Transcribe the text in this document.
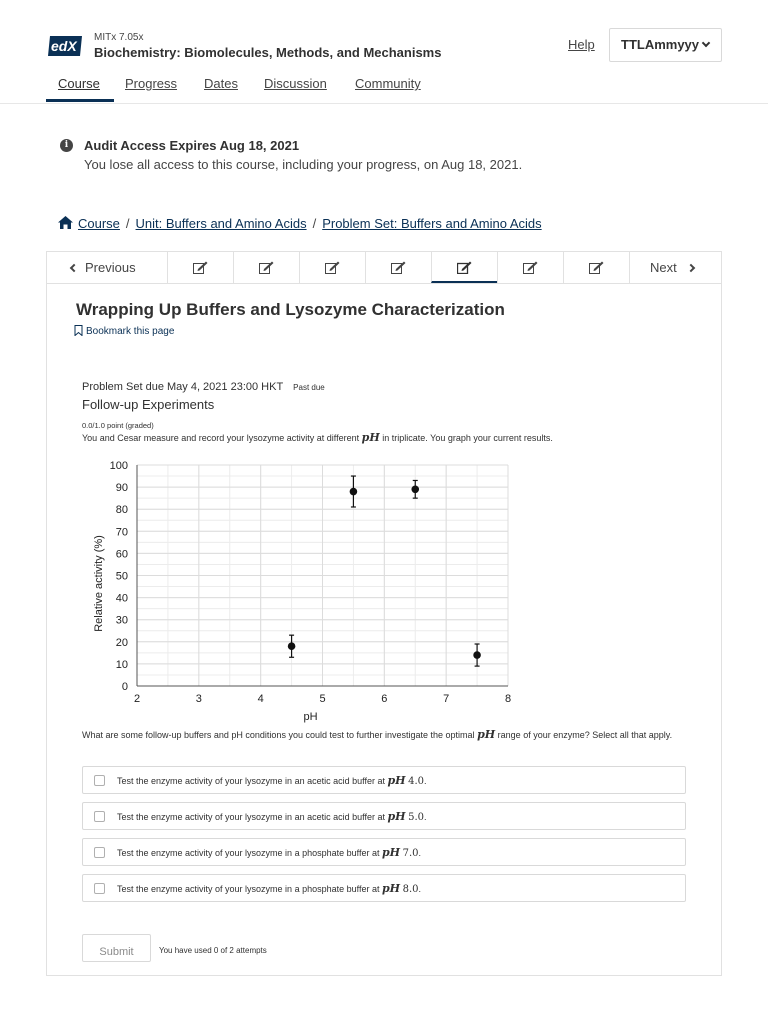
edX
MITx 7.05x
Biochemistry: Biomolecules, Methods, and Mechanisms
Help	TTLAmmyyy
Course Progress Dates Discussion Community
i	Audit Access Expires Aug 18, 2021
You lose all access to this course, including your progress, on Aug 18, 2021.
Course / Unit: Buffers and Amino Acids / Problem Set: Buffers and Amino Acids
Previous	Next
Wrapping Up Buffers and Lysozyme Characterization
Bookmark this page
Problem Set due May 4, 2021 23:00 HKT Past due
Follow-up Experiments
0.0/1.0 point (graded)
You and Cesar measure and record your lysozyme activity at different pH in triplicate. You graph your current results.
2	3	4	5	6	7	8
0
10
20
30
40
50
60
70
80
90
100
pH
Relative activity (%)
What are some follow-up buffers and pH conditions you could test to further investigate the optimal pH range of your enzyme? Select all that apply.
Test the enzyme activity of your lysozyme in an acetic acid buffer at pH 4.0.
Test the enzyme activity of your lysozyme in an acetic acid buffer at pH 5.0.
Test the enzyme activity of your lysozyme in a phosphate buffer at pH 7.0.
Test the enzyme activity of your lysozyme in a phosphate buffer at pH 8.0.
Submit	You have used 0 of 2 attempts
